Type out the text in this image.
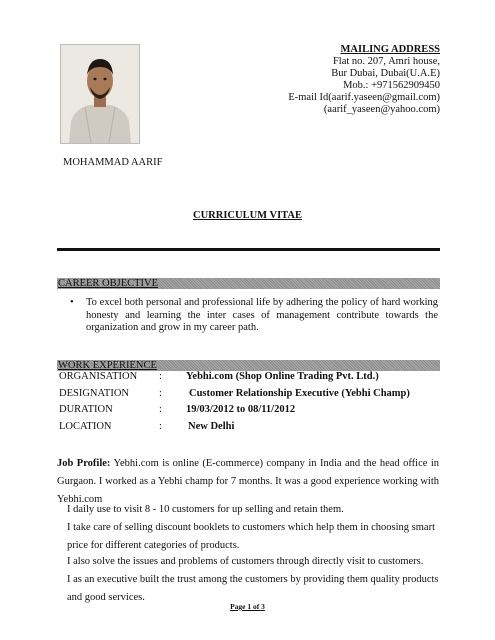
MAILING ADDRESS
Flat no. 207, Amri house,
Bur Dubai, Dubai(U.A.E)
Mob.: +971562909450
E-mail Id(aarif.yaseen@gmail.com)
(aarif_yaseen@yahoo.com)
MOHAMMAD AARIF
CURRICULUM VITAE
CAREER OBJECTIVE
• To excel both personal and professional life by adhering the policy of hard working honesty and learning the inter cases of management contribute towards the organization and grow in my career path.
WORK EXPERIENCE
ORGANISATION : Yebhi.com (Shop Online Trading Pvt. Ltd.)
DESIGNATION	:	Customer Relationship Executive (Yebhi Champ)
DURATION	: 19/03/2012 to 08/11/2012
LOCATION	: New Delhi
Job Profile: Yebhi.com is online (E-commerce) company in India and the head office in Gurgaon. I worked as a Yebhi champ for 7 months. It was a good experience working with Yebhi.com
I daily use to visit 8 - 10 customers for up selling and retain them.
I take care of selling discount booklets to customers which help them in choosing smart price for different categories of products.
I also solve the issues and problems of customers through directly visit to customers.
I as an executive built the trust among the customers by providing them quality products and good services.
Page 1 of 3
